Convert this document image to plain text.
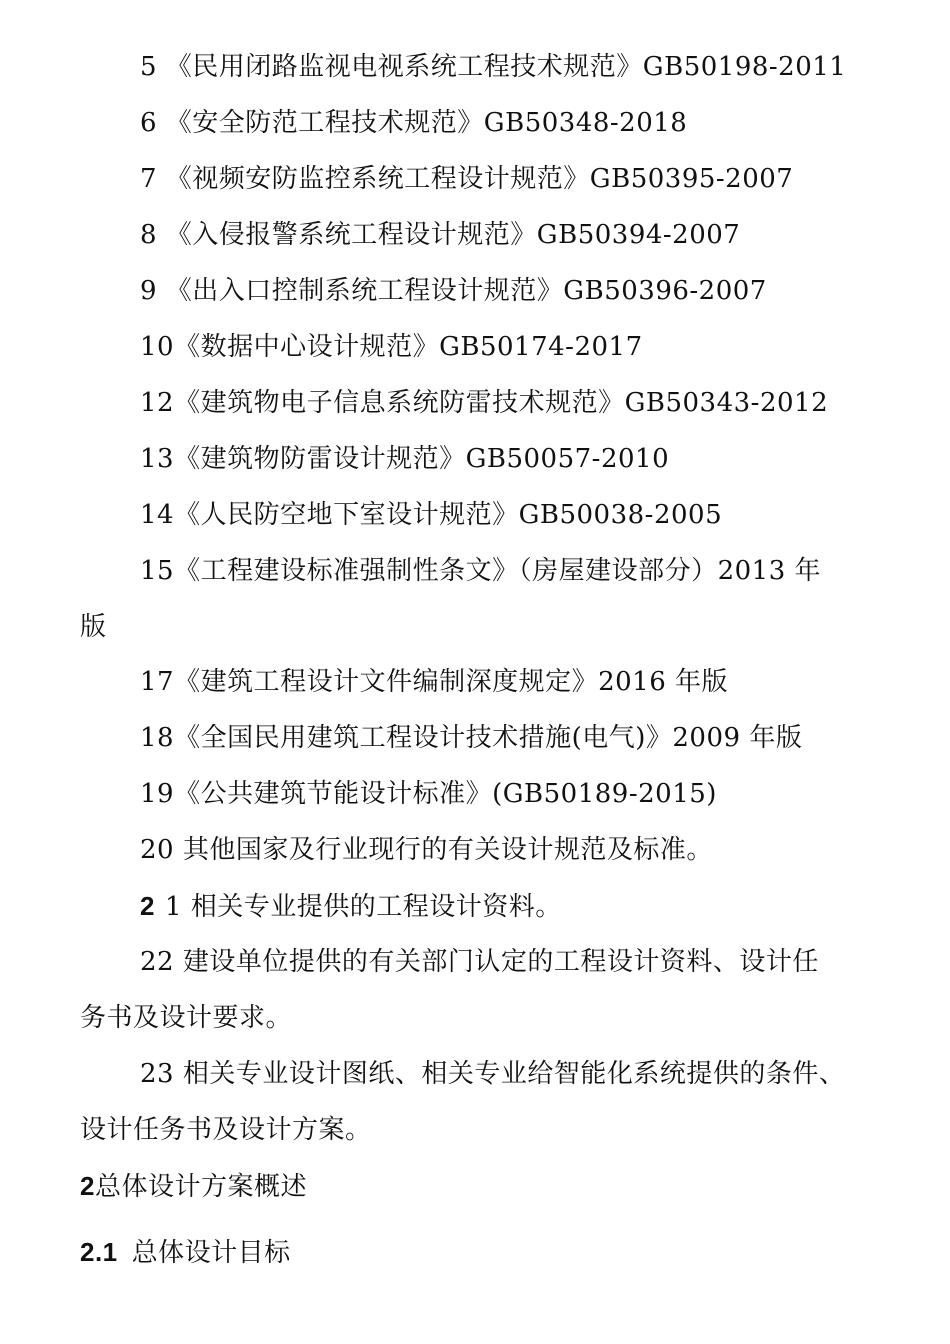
5 《民用闭路监视电视系统工程技术规范》GB50198-2011
6 《安全防范工程技术规范》GB50348-2018
7 《视频安防监控系统工程设计规范》GB50395-2007
8 《入侵报警系统工程设计规范》GB50394-2007
9 《出入口控制系统工程设计规范》GB50396-2007
10《数据中心设计规范》GB50174-2017
12《建筑物电子信息系统防雷技术规范》GB50343-2012
13《建筑物防雷设计规范》GB50057-2010
14《人民防空地下室设计规范》GB50038-2005
15《工程建设标准强制性条文》（房屋建设部分）2013 年
版
17《建筑工程设计文件编制深度规定》2016 年版
18《全国民用建筑工程设计技术措施(电气)》2009 年版
19《公共建筑节能设计标准》(GB50189-2015)
20 其他国家及行业现行的有关设计规范及标准。
2 1 相关专业提供的工程设计资料。
22 建设单位提供的有关部门认定的工程设计资料、设计任
务书及设计要求。
23 相关专业设计图纸、相关专业给智能化系统提供的条件、
设计任务书及设计方案。
2总体设计方案概述
2.1 总体设计目标
